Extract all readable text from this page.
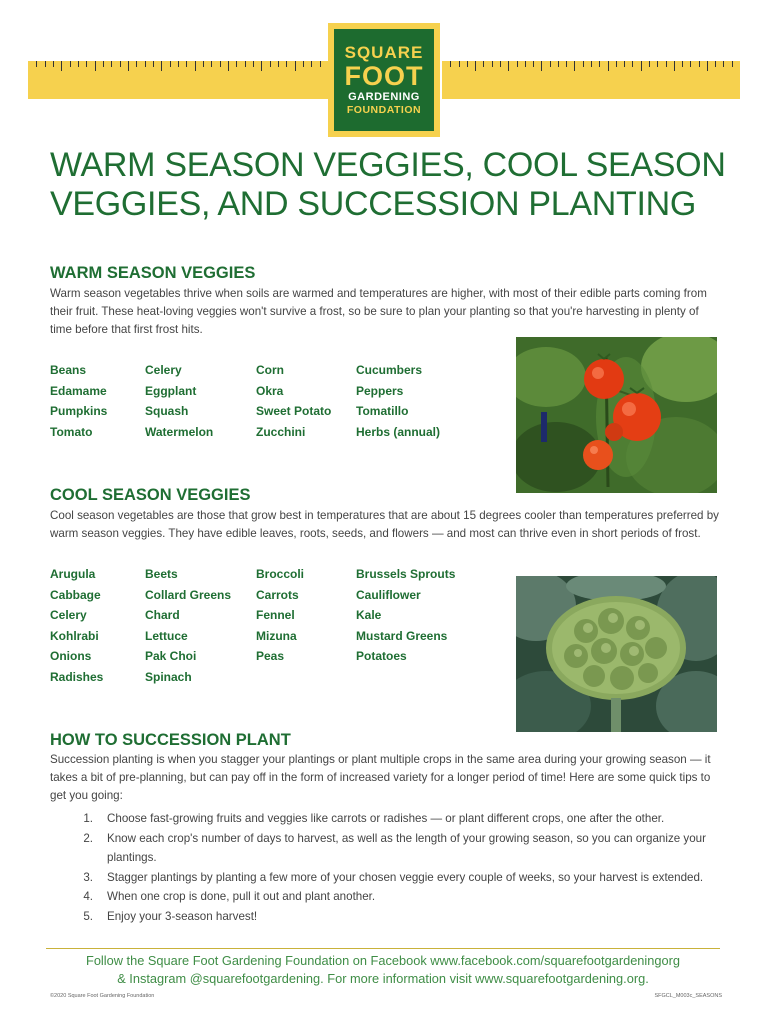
SQUARE
FOOT
GARDENING
FOUNDATION
WARM SEASON VEGGIES, COOL SEASON
VEGGIES, AND SUCCESSION PLANTING
WARM SEASON VEGGIES

Warm season vegetables thrive when soils are warmed and temperatures are higher, with most of their edible parts coming from their fruit. These heat-loving veggies won't survive a frost, so be sure to plan your planting so that you're harvesting in plenty of time before that first frost hits.

Beans	Celery	Corn	Cucumbers
Edamame	Eggplant	Okra	Peppers
Pumpkins	Squash	Sweet Potato	Tomatillo
Tomato	Watermelon	Zucchini	Herbs (annual)
COOL SEASON VEGGIES

Cool season vegetables are those that grow best in temperatures that are about 15 degrees cooler than temperatures preferred by warm season veggies. They have edible leaves, roots, seeds, and flowers — and most can thrive even in short periods of frost.

Arugula	Beets	Broccoli	Brussels Sprouts
Cabbage	Collard Greens	Carrots	Cauliflower
Celery	Chard	Fennel	Kale
Kohlrabi	Lettuce	Mizuna	Mustard Greens
Onions	Pak Choi	Peas	Potatoes
Radishes	Spinach
HOW TO SUCCESSION PLANT

Succession planting is when you stagger your plantings or plant multiple crops in the same area during your growing season — it takes a bit of pre-planning, but can pay off in the form of increased variety for a longer period of time! Here are some quick tips to get you going:

1.	Choose fast-growing fruits and veggies like carrots or radishes — or plant different crops, one after the other.
2.	Know each crop's number of days to harvest, as well as the length of your growing season, so you can organize your plantings.
3.	Stagger plantings by planting a few more of your chosen veggie every couple of weeks, so your harvest is extended.
4.	When one crop is done, pull it out and plant another.
5.	Enjoy your 3-season harvest!
Follow the Square Foot Gardening Foundation on Facebook www.facebook.com/squarefootgardeningorg
& Instagram @squarefootgardening. For more information visit www.squarefootgardening.org.
©2020 Square Foot Gardening Foundation	SFGCL_M003c_SEASONS
